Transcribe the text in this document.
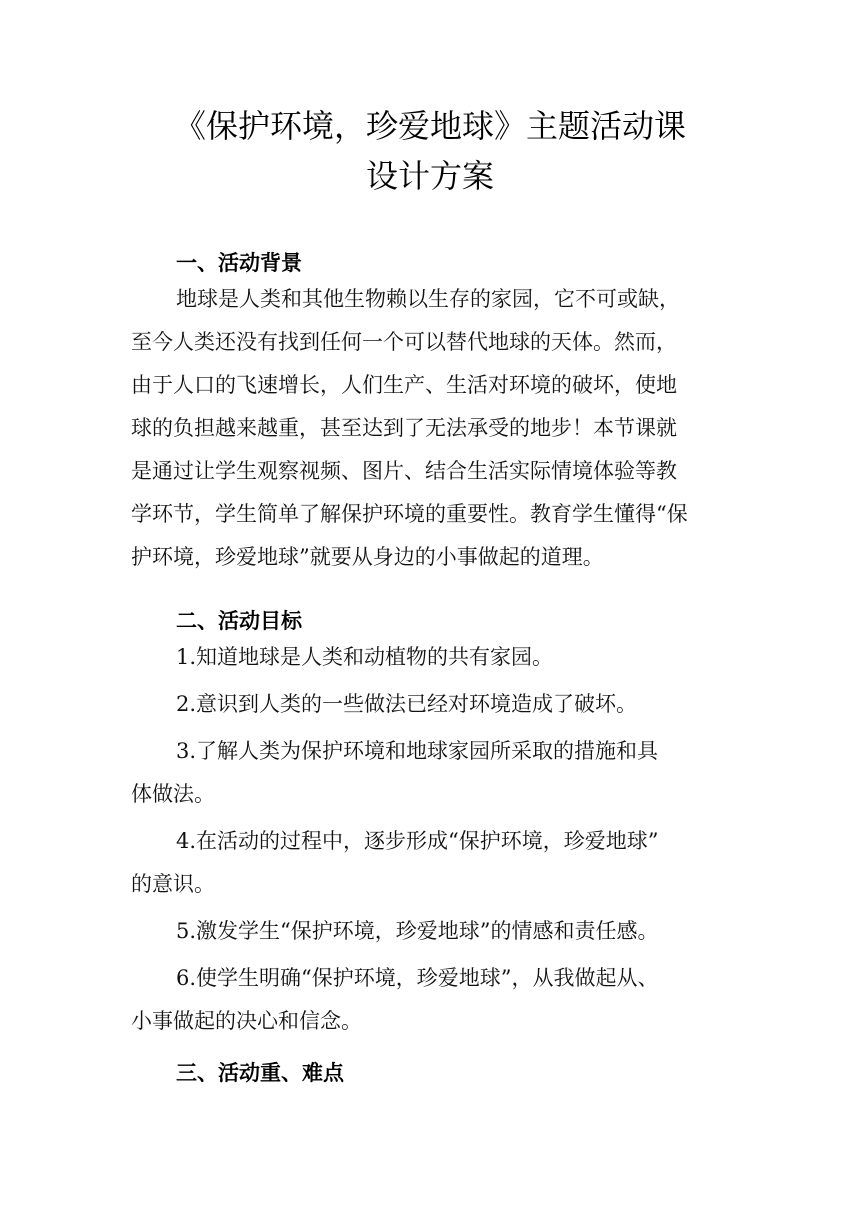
《保护环境，珍爱地球》主题活动课
设计方案
一、活动背景
地球是人类和其他生物赖以生存的家园，它不可或缺，
至今人类还没有找到任何一个可以替代地球的天体。然而，
由于人口的飞速增长，人们生产、生活对环境的破坏，使地
球的负担越来越重，甚至达到了无法承受的地步！本节课就
是通过让学生观察视频、图片、结合生活实际情境体验等教
学环节，学生简单了解保护环境的重要性。教育学生懂得“保
护环境，珍爱地球”就要从身边的小事做起的道理。
二、活动目标
1.知道地球是人类和动植物的共有家园。
2.意识到人类的一些做法已经对环境造成了破坏。
3.了解人类为保护环境和地球家园所采取的措施和具
体做法。
4.在活动的过程中，逐步形成“保护环境，珍爱地球”
的意识。
5.激发学生“保护环境，珍爱地球”的情感和责任感。
6.使学生明确“保护环境，珍爱地球”，从我做起从、
小事做起的决心和信念。
三、活动重、难点
